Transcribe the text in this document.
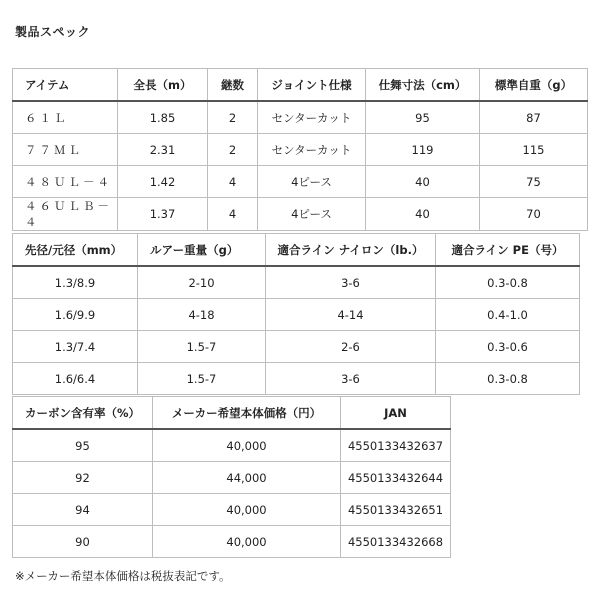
製品スペック
アイテム	全長（m）	継数	ジョイント仕様	仕舞寸法（cm）	標準自重（g）
６１Ｌ	1.85	2	センターカット	95	87
７７ＭＬ	2.31	2	センターカット	119	115
４８ＵＬ－４	1.42	4	4ピース	40	75
４６ＵＬＢ－４	1.37	4	4ピース	40	70
先径/元径（mm）	ルアー重量（g）	適合ライン ナイロン（lb.）	適合ライン PE（号）
1.3/8.9	2-10	3-6	0.3-0.8
1.6/9.9	4-18	4-14	0.4-1.0
1.3/7.4	1.5-7	2-6	0.3-0.6
1.6/6.4	1.5-7	3-6	0.3-0.8
カーボン含有率（%）	メーカー希望本体価格（円）	JAN
95	40,000	4550133432637
92	44,000	4550133432644
94	40,000	4550133432651
90	40,000	4550133432668
※メーカー希望本体価格は税抜表記です。
